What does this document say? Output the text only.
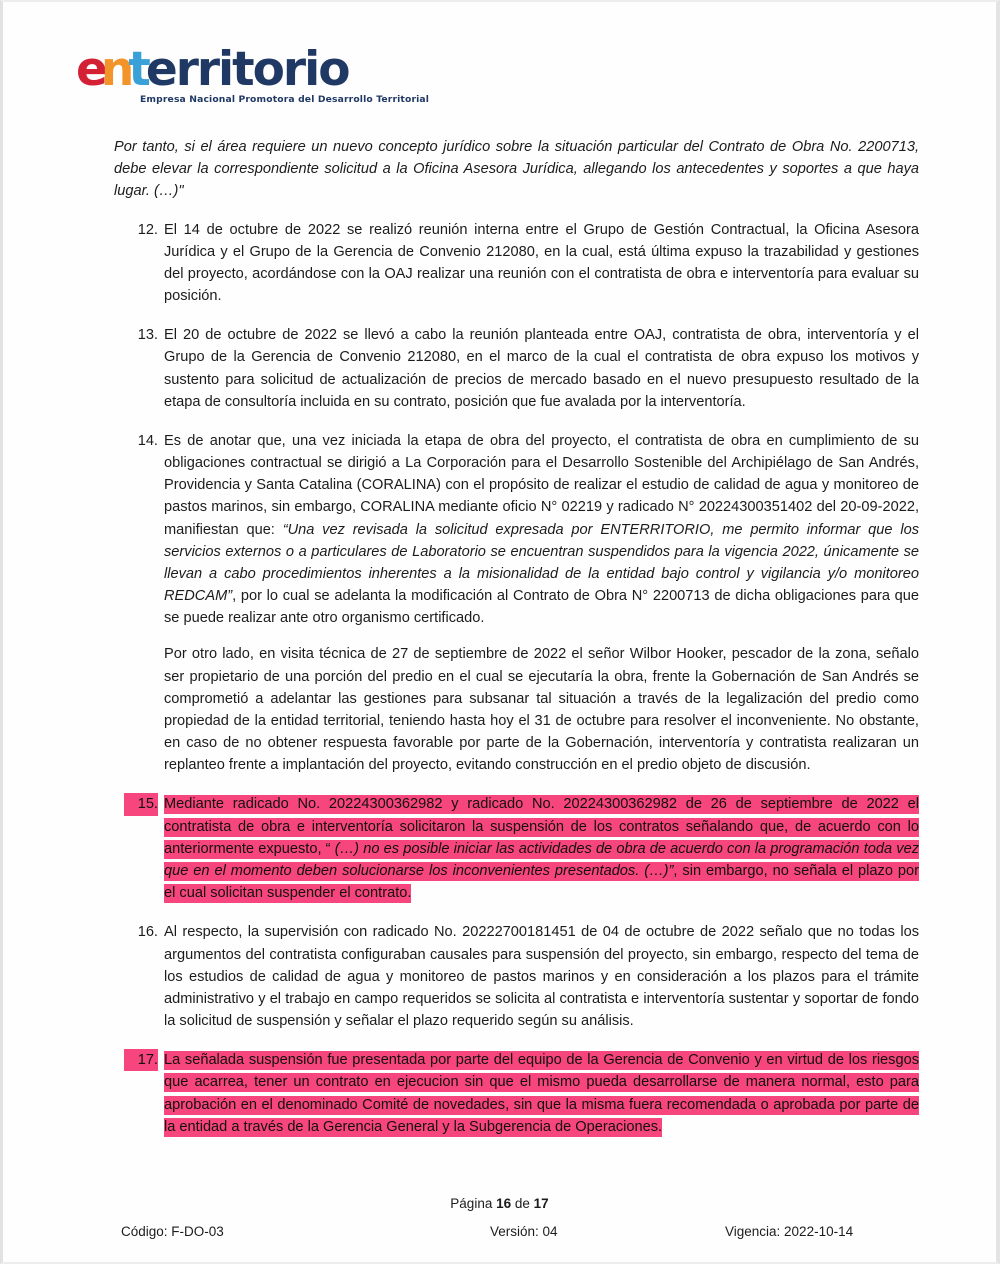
enterritorio
Empresa Nacional Promotora del Desarrollo Territorial

Por tanto, si el área requiere un nuevo concepto jurídico sobre la situación particular del Contrato de Obra No. 2200713, debe elevar la correspondiente solicitud a la Oficina Asesora Jurídica, allegando los antecedentes y soportes a que haya lugar. (…)"

12. El 14 de octubre de 2022 se realizó reunión interna entre el Grupo de Gestión Contractual, la Oficina Asesora Jurídica y el Grupo de la Gerencia de Convenio 212080, en la cual, está última expuso la trazabilidad y gestiones del proyecto, acordándose con la OAJ realizar una reunión con el contratista de obra e interventoría para evaluar su posición.
13. El 20 de octubre de 2022 se llevó a cabo la reunión planteada entre OAJ, contratista de obra, interventoría y el Grupo de la Gerencia de Convenio 212080, en el marco de la cual el contratista de obra expuso los motivos y sustento para solicitud de actualización de precios de mercado basado en el nuevo presupuesto resultado de la etapa de consultoría incluida en su contrato, posición que fue avalada por la interventoría.
14. Es de anotar que, una vez iniciada la etapa de obra del proyecto, el contratista de obra en cumplimiento de su obligaciones contractual se dirigió a La Corporación para el Desarrollo Sostenible del Archipiélago de San Andrés, Providencia y Santa Catalina (CORALINA) con el propósito de realizar el estudio de calidad de agua y monitoreo de pastos marinos, sin embargo, CORALINA mediante oficio N° 02219 y radicado N° 20224300351402 del 20-09-2022, manifiestan que: “Una vez revisada la solicitud expresada por ENTERRITORIO, me permito informar que los servicios externos o a particulares de Laboratorio se encuentran suspendidos para la vigencia 2022, únicamente se llevan a cabo procedimientos inherentes a la misionalidad de la entidad bajo control y vigilancia y/o monitoreo REDCAM”, por lo cual se adelanta la modificación al Contrato de Obra N° 2200713 de dicha obligaciones para que se puede realizar ante otro organismo certificado.
Por otro lado, en visita técnica de 27 de septiembre de 2022 el señor Wilbor Hooker, pescador de la zona, señalo ser propietario de una porción del predio en el cual se ejecutaría la obra, frente la Gobernación de San Andrés se comprometió a adelantar las gestiones para subsanar tal situación a través de la legalización del predio como propiedad de la entidad territorial, teniendo hasta hoy el 31 de octubre para resolver el inconveniente. No obstante, en caso de no obtener respuesta favorable por parte de la Gobernación, interventoría y contratista realizaran un replanteo frente a implantación del proyecto, evitando construcción en el predio objeto de discusión.
15. Mediante radicado No. 20224300362982 y radicado No. 20224300362982 de 26 de septiembre de 2022 el contratista de obra e interventoría solicitaron la suspensión de los contratos señalando que, de acuerdo con lo anteriormente expuesto, “ (…) no es posible iniciar las actividades de obra de acuerdo con la programación toda vez que en el momento deben solucionarse los inconvenientes presentados. (…)”, sin embargo, no señala el plazo por el cual solicitan suspender el contrato.
16. Al respecto, la supervisión con radicado No. 20222700181451 de 04 de octubre de 2022 señalo que no todas los argumentos del contratista configuraban causales para suspensión del proyecto, sin embargo, respecto del tema de los estudios de calidad de agua y monitoreo de pastos marinos y en consideración a los plazos para el trámite administrativo y el trabajo en campo requeridos se solicita al contratista e interventoría sustentar y soportar de fondo la solicitud de suspensión y señalar el plazo requerido según su análisis.
17. La señalada suspensión fue presentada por parte del equipo de la Gerencia de Convenio y en virtud de los riesgos que acarrea, tener un contrato en ejecucion sin que el mismo pueda desarrollarse de manera normal, esto para aprobación en el denominado Comité de novedades, sin que la misma fuera recomendada o aprobada por parte de la entidad a través de la Gerencia General y la Subgerencia de Operaciones.
Página 16 de 17
Código: F-DO-03	Versión: 04	Vigencia: 2022-10-14
